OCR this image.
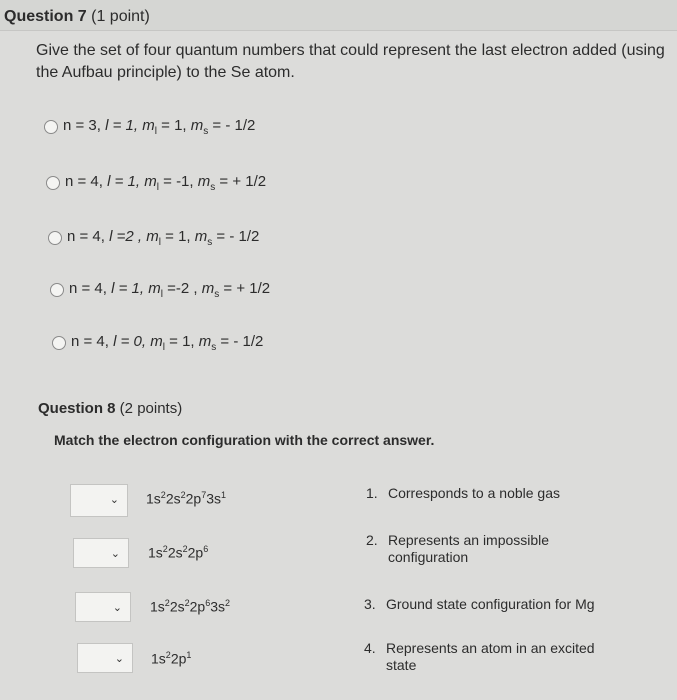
Question 7 (1 point)
Give the set of four quantum numbers that could represent the last electron added (using the Aufbau principle) to the Se atom.
n = 3, l = 1, $m_l = 1$, $m_s$ = - 1/2
n = 4, l = 1, $m_l = -1$, $m_s$ = + 1/2
n = 4, l =2 , $m_l = 1$, $m_s$ = - 1/2
n = 4, l = 1, $m_l =-2$ , $m_s$ = + 1/2
n = 4, l = 0, $m_l = 1$, $m_s$ = - 1/2
Question 8 (2 points)
Match the electron configuration with the correct answer.
⌄
⌄
⌄
⌄
$1s^22s^22p^73s^1$
$1s^22s^22p^6$
$1s^22s^22p^63s^2$
$1s^22p^1$
1. Corresponds to a noble gas
2. Represents an impossible configuration
3. Ground state configuration for Mg
4. Represents an atom in an excited state
